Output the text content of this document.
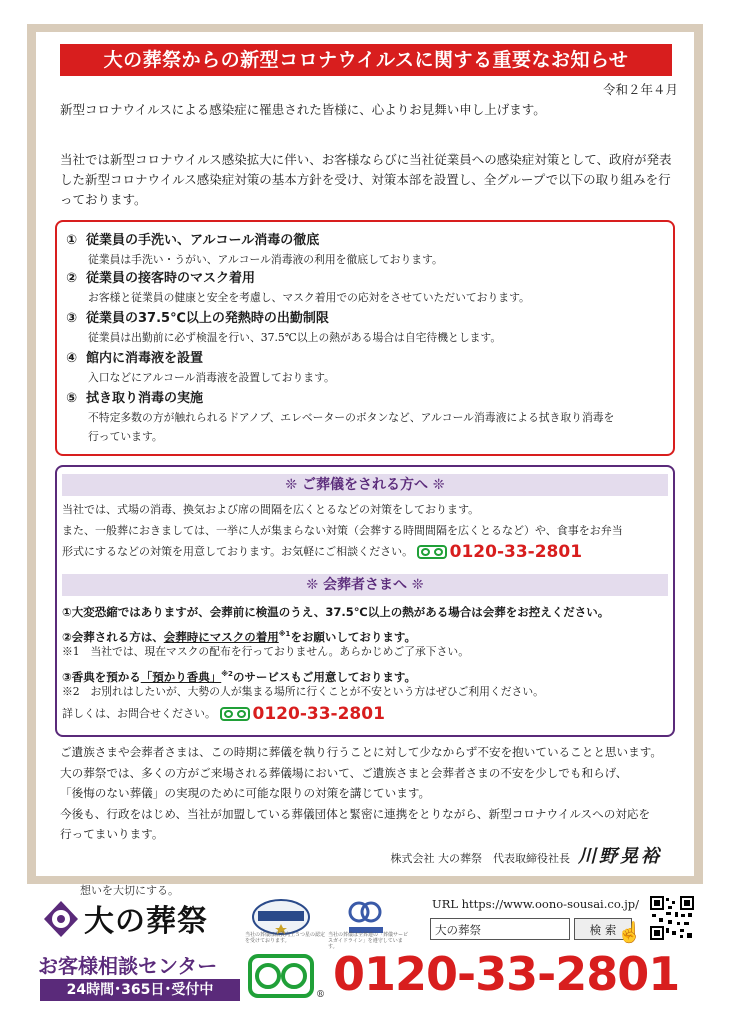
大の葬祭からの新型コロナウイルスに関する重要なお知らせ
令和２年４月
新型コロナウイルスによる感染症に罹患された皆様に、心よりお見舞い申し上げます。
当社では新型コロナウイルス感染拡大に伴い、お客様ならびに当社従業員への感染症対策として、政府が発表した新型コロナウイルス感染症対策の基本方針を受け、対策本部を設置し、全グループで以下の取り組みを行っております。
① 従業員の手洗い、アルコール消毒の徹底
従業員は手洗い・うがい、アルコール消毒液の利用を徹底しております。
② 従業員の接客時のマスク着用
お客様と従業員の健康と安全を考慮し、マスク着用での応対をさせていただいております。
③ 従業員の37.5℃以上の発熱時の出勤制限
従業員は出勤前に必ず検温を行い、37.5℃以上の熱がある場合は自宅待機とします。
④ 館内に消毒液を設置
入口などにアルコール消毒液を設置しております。
⑤ 拭き取り消毒の実施
不特定多数の方が触れられるドアノブ、エレベーターのボタンなど、アルコール消毒液による拭き取り消毒を
行っています。
❊ ご葬儀をされる方へ ❊
当社では、式場の消毒、換気および席の間隔を広くとるなどの対策をしております。
また、一般葬におきましては、一挙に人が集まらない対策（会葬する時間間隔を広くとるなど）や、食事をお弁当
形式にするなどの対策を用意しております。お気軽にご相談ください。 0120-33-2801
❊ 会葬者さまへ ❊
①大変恐縮ではありますが、会葬前に検温のうえ、37.5℃以上の熱がある場合は会葬をお控えください。
②会葬される方は、会葬時にマスクの着用$^{※1}$をお願いしております。
※1　当社では、現在マスクの配布を行っておりません。あらかじめご了承下さい。
③香典を預かる「預かり香典」$^{※2}$のサービスもご用意しております。
※2　お別れはしたいが、大勢の人が集まる場所に行くことが不安という方はぜひご利用ください。
詳しくは、お問合せください。 0120-33-2801

ご遺族さまや会葬者さまは、この時期に葬儀を執り行うことに対して少なからず不安を抱いていることと思います。

大の葬祭では、多くの方がご来場される葬儀場において、ご遺族さまと会葬者さまの不安を少しでも和らげ、

「後悔のない葬儀」の実現のために可能な限りの対策を講じています。

今後も、行政をはじめ、当社が加盟している葬儀団体と緊密に連携をとりながら、新型コロナウイルスへの対応を

行ってまいります。

株式会社 大の葬祭　代表取締役社長 川野晃裕
想いを大切にする。
大の葬祭	当社の葬儀は品質向上５つ星の認定を受けております。
当社の葬儀は全葬連の「葬儀サービスガイドライン」を遵守しています。
URL https://www.oono-sousai.co.jp/
大の葬祭	検 索 ☝
お客様相談センター
24時間･365日･受付中	® 0120-33-2801
